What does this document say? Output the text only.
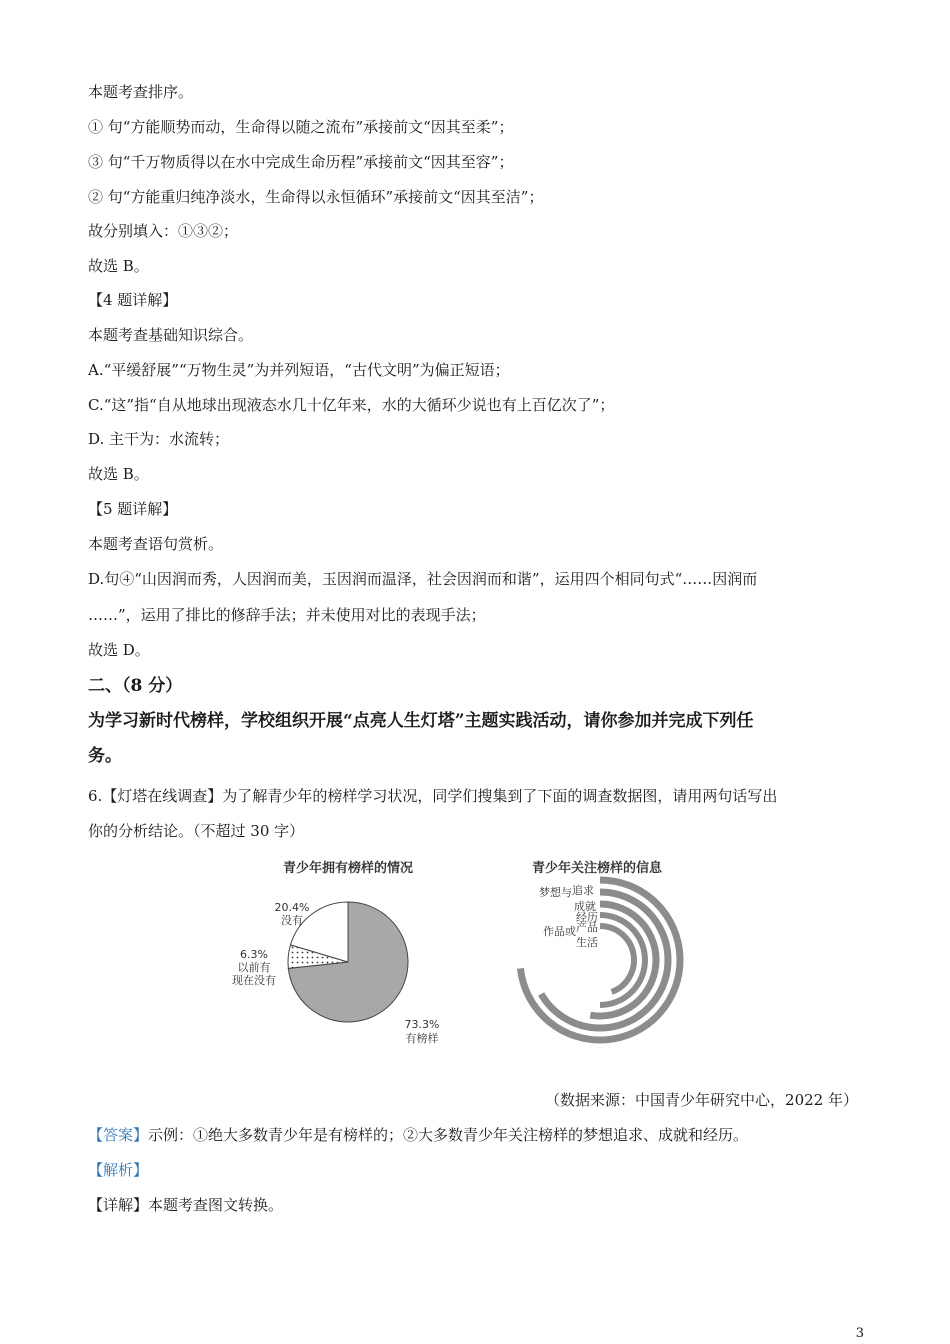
本题考查排序。
① 句“方能顺势而动，生命得以随之流布”承接前文“因其至柔”；
③ 句“千万物质得以在水中完成生命历程”承接前文“因其至容”；
② 句“方能重归纯净淡水，生命得以永恒循环”承接前文“因其至洁”；
故分别填入：①③②；
故选 B。
【4 题详解】
本题考查基础知识综合。
A.“平缓舒展”“万物生灵”为并列短语，“古代文明”为偏正短语；
C.“这”指“自从地球出现液态水几十亿年来，水的大循环少说也有上百亿次了”；
D. 主干为：水流转；
故选 B。
【5 题详解】
本题考查语句赏析。
D.句④“山因润而秀，人因润而美，玉因润而温泽，社会因润而和谐”，运用四个相同句式“……因润而
……”，运用了排比的修辞手法；并未使用对比的表现手法；
故选 D。
二、（8 分）
为学习新时代榜样，学校组织开展“点亮人生灯塔”主题实践活动，请你参加并完成下列任
务。
6.【灯塔在线调查】为了解青少年的榜样学习状况，同学们搜集到了下面的调查数据图，请用两句话写出
你的分析结论。（不超过 30 字）
青少年拥有榜样的情况
20.4%
没有
6.3%
以前有
现在没有
73.3%
有榜样
青少年关注榜样的信息
梦想与追求
成就
经历
作品或产品
生活
（数据来源：中国青少年研究中心，2022 年）
【答案】示例：①绝大多数青少年是有榜样的；②大多数青少年关注榜样的梦想追求、成就和经历。
【解析】
【详解】本题考查图文转换。
3
